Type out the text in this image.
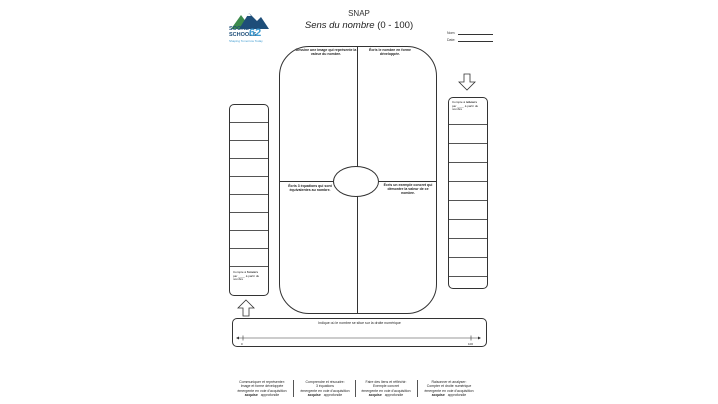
SOOKE
SCHOOLS
62
Shaping Tomorrow Today
SNAP
Sens du nombre (0 - 100)
Nom:
Date:
Dessine une image qui représente la valeur du nombre.
Écris le nombre en forme développée.
Écris 3 équations qui sont équivalentes au nombre.
Écris un exemple concret qui démontre la valeur de ce nombre.
Compte à l'envers
par ____ à partir du nombre
Compte à rebours
par ____ à partir du nombre
Indique où le nombre se situe sur la droite numérique
0	100
Communiquer et représenter:
Image et forme développée
émergente en voie d'acquisition
acquise approfondie
Comprendre et résoudre:
3 équations
émergente en voie d'acquisition
acquise approfondie
Faire des liens et réfléchir:
Exemple concret
émergente en voie d'acquisition
acquise approfondie
Raisonner et analyser:
Compter et droite numérique
émergente en voie d'acquisition
acquise approfondie
